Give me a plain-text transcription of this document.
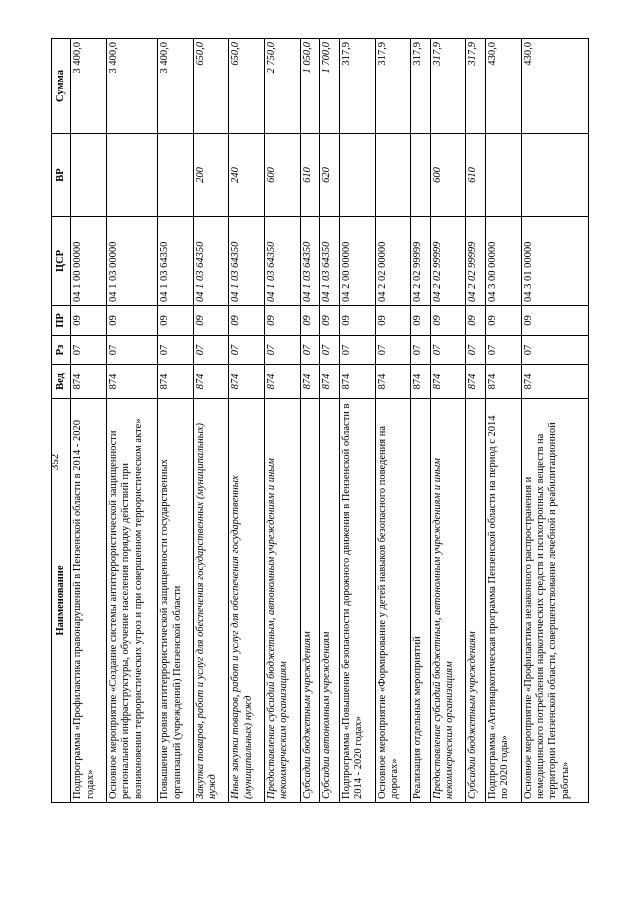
352
Наименование	Вед	Рз	ПР	ЦСР	ВР	Сумма
Подпрограмма «Профилактика правонарушений в Пензенской области в 2014 - 2020 годах»	874	07	09	04 1 00 00000		3 400,0
Основное мероприятие «Создание системы антитеррористической защищенности региональной инфраструктуры, обучение населения порядку действий при возникновении террористических угроз и при совершенном террористическом акте»	874	07	09	04 1 03 00000		3 400,0
Повышение уровня антитеррористической защищенности государственных организаций (учреждений) Пензенской области	874	07	09	04 1 03 64350		3 400,0
Закупка товаров, работ и услуг для обеспечения государственных (муниципальных) нужд	874	07	09	04 1 03 64350	200	650,0
Иные закупки товаров, работ и услуг для обеспечения государственных (муниципальных) нужд	874	07	09	04 1 03 64350	240	650,0
Предоставление субсидий бюджетным, автономным учреждениям и иным некоммерческим организациям	874	07	09	04 1 03 64350	600	2 750,0
Субсидии бюджетным учреждениям	874	07	09	04 1 03 64350	610	1 050,0
Субсидии автономным учреждениям	874	07	09	04 1 03 64350	620	1 700,0
Подпрограмма «Повышение безопасности дорожного движения в Пензенской области в 2014 - 2020 годах»	874	07	09	04 2 00 00000		317,9
Основное мероприятие «Формирование у детей навыков безопасного поведения на дорогах»	874	07	09	04 2 02 00000		317,9
Реализация отдельных мероприятий	874	07	09	04 2 02 99999		317,9
Предоставление субсидий бюджетным, автономным учреждениям и иным некоммерческим организациям	874	07	09	04 2 02 99999	600	317,9
Субсидии бюджетным учреждениям	874	07	09	04 2 02 99999	610	317,9
Подпрограмма «Антинаркотическая программа Пензенской области на период с 2014 по 2020 годы»	874	07	09	04 3 00 00000		430,0
Основное мероприятие «Профилактика незаконного распространения и немедицинского потребления наркотических средств и психотропных веществ на территории Пензенской области, совершенствование лечебной и реабилитационной работы»	874	07	09	04 3 01 00000		430,0
